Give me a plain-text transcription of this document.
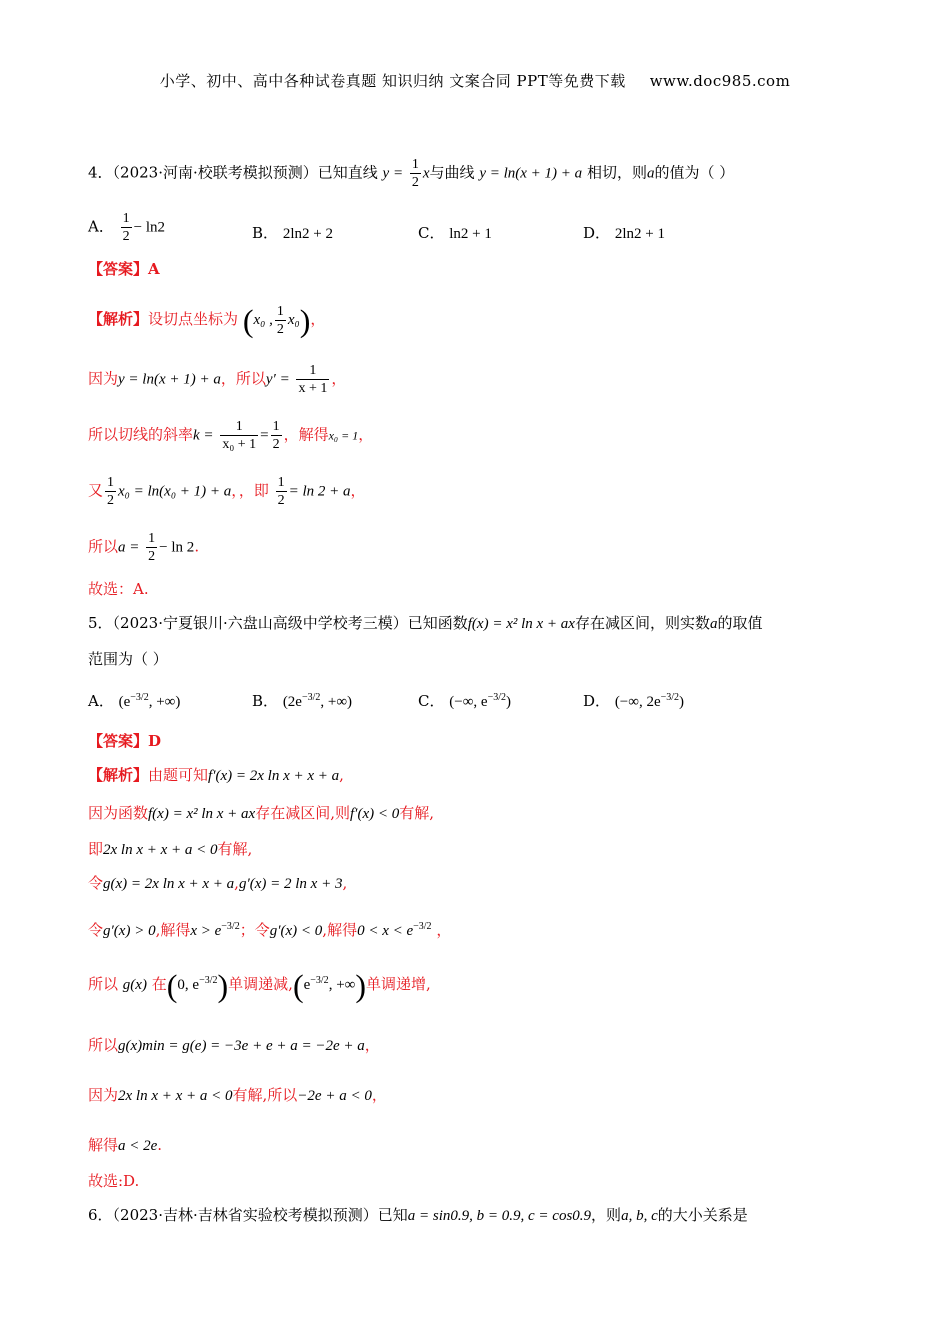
小学、初中、高中各种试卷真题 知识归纳 文案合同 PPT等免费下载 www.doc985.com
4．（2023·河南·校联考模拟预测）已知直线 $y = \frac{1}{2}$ x与曲线 y = ln(x + 1) + a 相切，则a的值为（ ）
A． $\frac{1}{2} - \ln 2$	B． 2ln2 + 2	C． ln2 + 1	D． 2ln2 + 1
【答案】A
【解析】设切点坐标为 (x₀ , $\frac{1}{2} x_0$)，
因为y = ln(x + 1) + a，所以$y' = \frac{1}{x + 1}$ ，
所以切线的斜率$k = \frac{1}{\text{x₀ + 1}} = \frac{1}{2}$ ，解得x₀ = 1，
又 $\frac{1}{2} x_0 = \ln(x_0 + 1) + a$，，即 $\frac{1}{2} = \ln 2 + a$，
所以$a = \frac{1}{2} - \ln 2$.
故选：A.
5．（2023·宁夏银川·六盘山高级中学校考三模）已知函数f(x) = x² ln x + ax存在减区间，则实数a的取值
范围为（ ）
A． ($e^{-3/2}$, +∞)	B． ($2e^{-3/2}$, +∞)	C． (−∞, $e^{-3/2}$)	D． (−∞, $2e^{-3/2}$)
【答案】D
【解析】由题可知f′(x) = 2x ln x + x + a,
因为函数f(x) = x² ln x + ax存在减区间,则f′(x) < 0有解,
即2x ln x + x + a < 0有解,
令g(x) = 2x ln x + x + a,g′(x) = 2 ln x + 3,
令g′(x) > 0,解得$x > e^{-3/2}$；令g′(x) < 0,解得$0 < x < e^{-3/2}$ ，
所以 g(x) 在(0, $e^{-3/2}$)单调递减$,(e^{-3/2}$, +∞)单调递增,
所以g(x)min = g(e) = −3e + e + a = −2e + a，
因为2x ln x + x + a < 0有解,所以−2e + a < 0，
解得a < 2e.
故选:D.
6．（2023·吉林·吉林省实验校考模拟预测）已知a = sin0.9, b = 0.9, c = cos0.9，则a, b, c的大小关系是
